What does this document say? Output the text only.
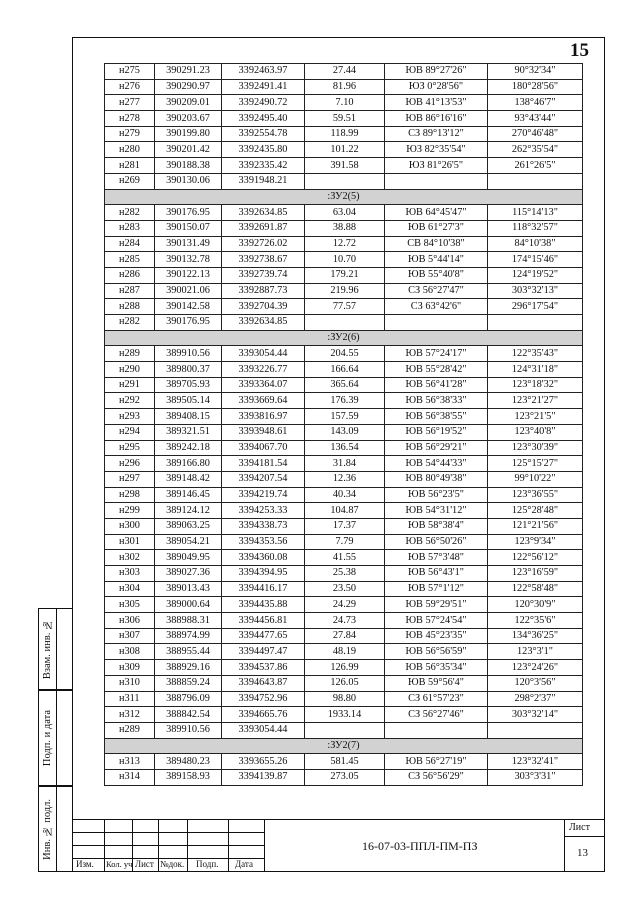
15
н275	390291.23	3392463.97	27.44	ЮВ 89°27'26"	90°32'34"
н276	390290.97	3392491.41	81.96	ЮЗ 0°28'56"	180°28'56"
н277	390209.01	3392490.72	7.10	ЮВ 41°13'53"	138°46'7"
н278	390203.67	3392495.40	59.51	ЮВ 86°16'16"	93°43'44"
н279	390199.80	3392554.78	118.99	СЗ 89°13'12"	270°46'48"
н280	390201.42	3392435.80	101.22	ЮЗ 82°35'54"	262°35'54"
н281	390188.38	3392335.42	391.58	ЮЗ 81°26'5"	261°26'5"
н269	390130.06	3391948.21			
:ЗУ2(5)					
н282	390176.95	3392634.85	63.04	ЮВ 64°45'47"	115°14'13"
н283	390150.07	3392691.87	38.88	ЮВ 61°27'3"	118°32'57"
н284	390131.49	3392726.02	12.72	СВ 84°10'38"	84°10'38"
н285	390132.78	3392738.67	10.70	ЮВ 5°44'14"	174°15'46"
н286	390122.13	3392739.74	179.21	ЮВ 55°40'8"	124°19'52"
н287	390021.06	3392887.73	219.96	СЗ 56°27'47"	303°32'13"
н288	390142.58	3392704.39	77.57	СЗ 63°42'6"	296°17'54"
н282	390176.95	3392634.85			
:ЗУ2(6)					
н289	389910.56	3393054.44	204.55	ЮВ 57°24'17"	122°35'43"
н290	389800.37	3393226.77	166.64	ЮВ 55°28'42"	124°31'18"
н291	389705.93	3393364.07	365.64	ЮВ 56°41'28"	123°18'32"
н292	389505.14	3393669.64	176.39	ЮВ 56°38'33"	123°21'27"
н293	389408.15	3393816.97	157.59	ЮВ 56°38'55"	123°21'5"
н294	389321.51	3393948.61	143.09	ЮВ 56°19'52"	123°40'8"
н295	389242.18	3394067.70	136.54	ЮВ 56°29'21"	123°30'39"
н296	389166.80	3394181.54	31.84	ЮВ 54°44'33"	125°15'27"
н297	389148.42	3394207.54	12.36	ЮВ 80°49'38"	99°10'22"
н298	389146.45	3394219.74	40.34	ЮВ 56°23'5"	123°36'55"
н299	389124.12	3394253.33	104.87	ЮВ 54°31'12"	125°28'48"
н300	389063.25	3394338.73	17.37	ЮВ 58°38'4"	121°21'56"
н301	389054.21	3394353.56	7.79	ЮВ 56°50'26"	123°9'34"
н302	389049.95	3394360.08	41.55	ЮВ 57°3'48"	122°56'12"
н303	389027.36	3394394.95	25.38	ЮВ 56°43'1"	123°16'59"
н304	389013.43	3394416.17	23.50	ЮВ 57°1'12"	122°58'48"
н305	389000.64	3394435.88	24.29	ЮВ 59°29'51"	120°30'9"
н306	388988.31	3394456.81	24.73	ЮВ 57°24'54"	122°35'6"
н307	388974.99	3394477.65	27.84	ЮВ 45°23'35"	134°36'25"
н308	388955.44	3394497.47	48.19	ЮВ 56°56'59"	123°3'1"
н309	388929.16	3394537.86	126.99	ЮВ 56°35'34"	123°24'26"
н310	388859.24	3394643.87	126.05	ЮВ 59°56'4"	120°3'56"
н311	388796.09	3394752.96	98.80	СЗ 61°57'23"	298°2'37"
н312	388842.54	3394665.76	1933.14	СЗ 56°27'46"	303°32'14"
н289	389910.56	3393054.44			
:ЗУ2(7)					
н313	389480.23	3393655.26	581.45	ЮВ 56°27'19"	123°32'41"
н314	389158.93	3394139.87	273.05	СЗ 56°56'29"	303°3'31"
Взам. инв. №
Подп. и дата
Инв. № подл.
Изм. Кол. уч Лист №док. Подп. Дата
16-07-03-ППЛ-ПМ-ПЗ
Лист
13
